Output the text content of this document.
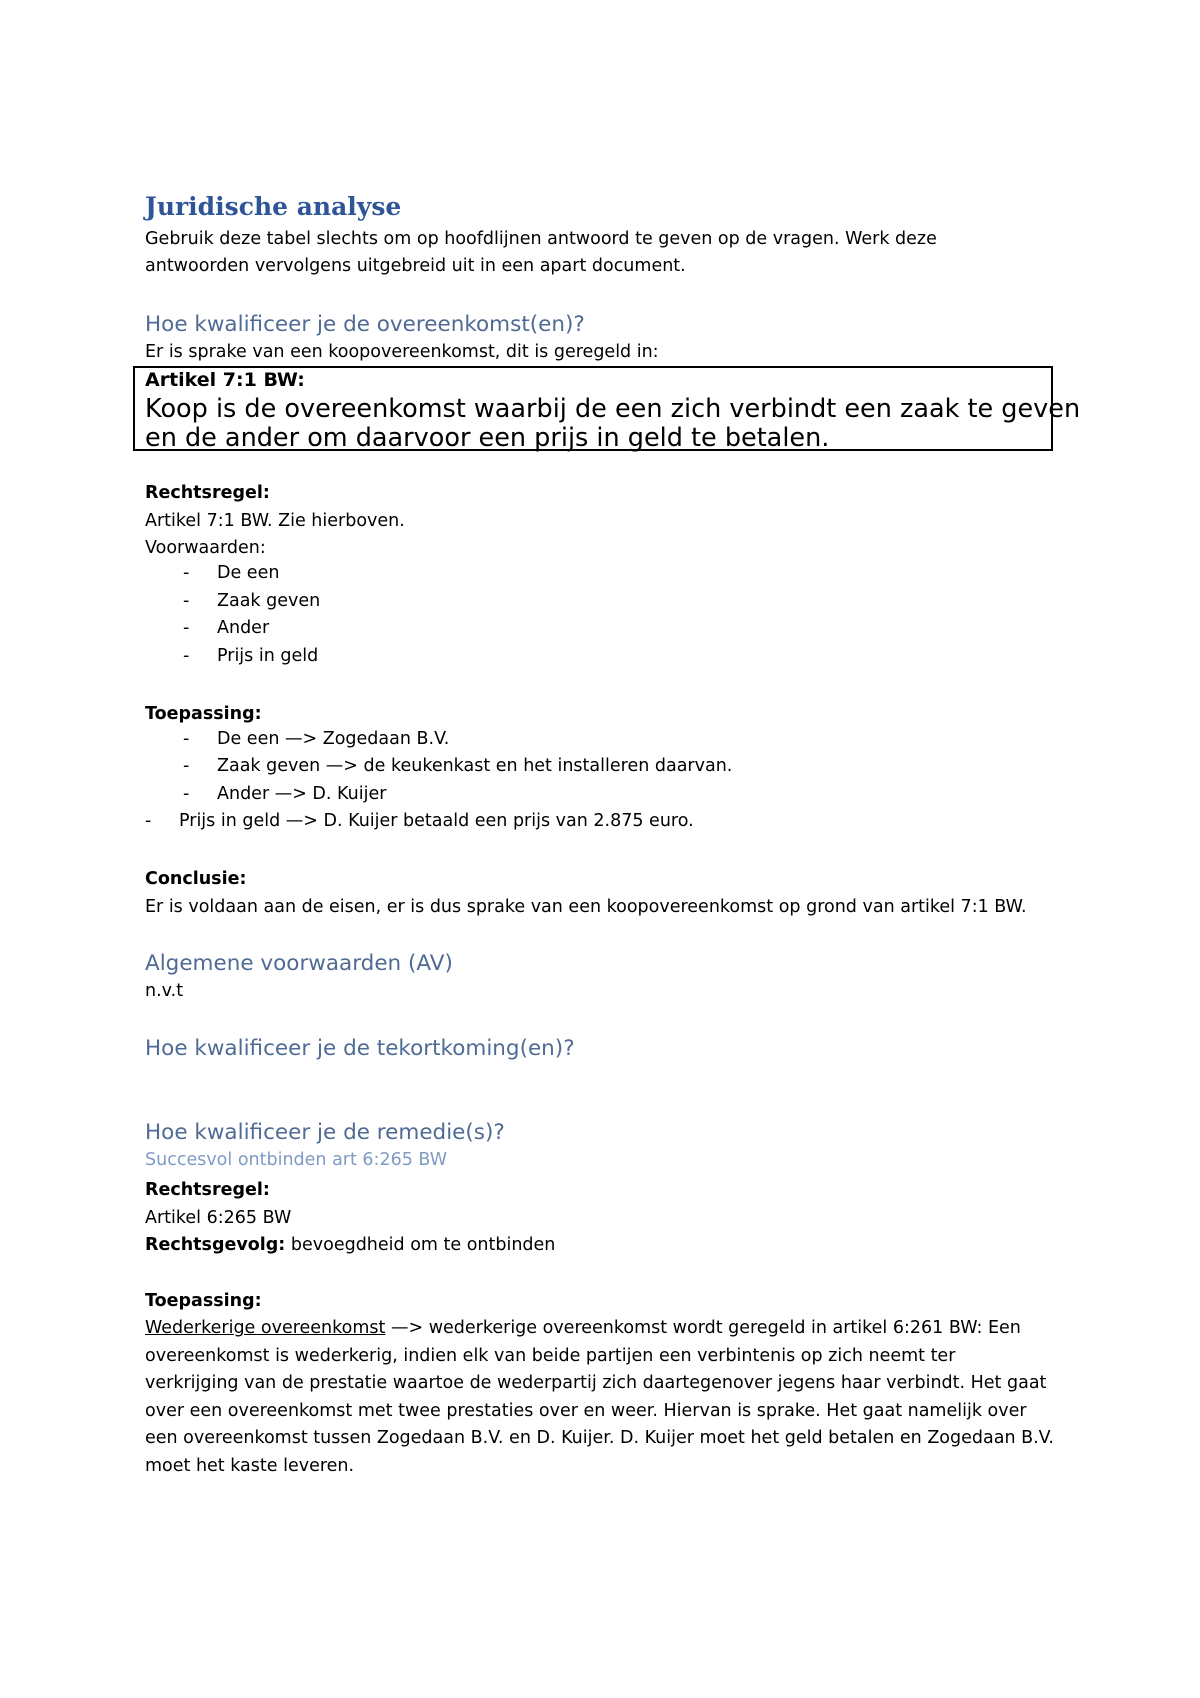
Juridische analyse
Gebruik deze tabel slechts om op hoofdlijnen antwoord te geven op de vragen. Werk deze
antwoorden vervolgens uitgebreid uit in een apart document.
Hoe kwalificeer je de overeenkomst(en)?
Er is sprake van een koopovereenkomst, dit is geregeld in:
Artikel 7:1 BW:
Koop is de overeenkomst waarbij de een zich verbindt een zaak te geven
en de ander om daarvoor een prijs in geld te betalen.
Rechtsregel:
Artikel 7:1 BW. Zie hierboven.
Voorwaarden:
- De een
- Zaak geven
- Ander
- Prijs in geld
Toepassing:
- De een —> Zogedaan B.V.
- Zaak geven —> de keukenkast en het installeren daarvan.
- Ander —> D. Kuijer
- Prijs in geld —> D. Kuijer betaald een prijs van 2.875 euro.
Conclusie:
Er is voldaan aan de eisen, er is dus sprake van een koopovereenkomst op grond van artikel 7:1 BW.
Algemene voorwaarden (AV)
n.v.t
Hoe kwalificeer je de tekortkoming(en)?
Hoe kwalificeer je de remedie(s)?
Succesvol ontbinden art 6:265 BW
Rechtsregel:
Artikel 6:265 BW
Rechtsgevolg: bevoegdheid om te ontbinden
Toepassing:
Wederkerige overeenkomst —> wederkerige overeenkomst wordt geregeld in artikel 6:261 BW: Een
overeenkomst is wederkerig, indien elk van beide partijen een verbintenis op zich neemt ter
verkrijging van de prestatie waartoe de wederpartij zich daartegenover jegens haar verbindt. Het gaat
over een overeenkomst met twee prestaties over en weer. Hiervan is sprake. Het gaat namelijk over
een overeenkomst tussen Zogedaan B.V. en D. Kuijer. D. Kuijer moet het geld betalen en Zogedaan B.V.
moet het kaste leveren.
